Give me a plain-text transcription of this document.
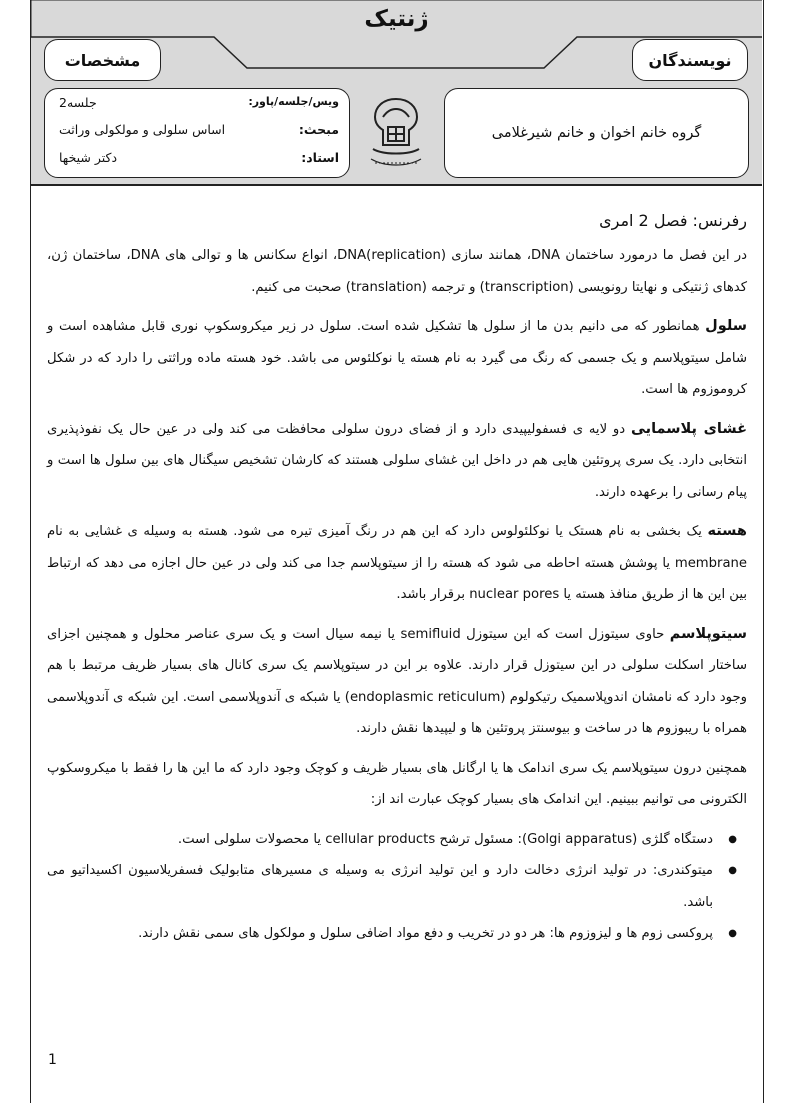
ژنتیک
نویسندگان
مشخصات
گروه خانم اخوان و خانم شیرغلامی
ویس/جلسه/پاور:
جلسه2
مبحث:
اساس سلولی و مولکولی وراثت
استاد:
دکتر شیخها

رفرنس: فصل 2 امری

در این فصل ما درمورد ساختمان DNA، همانند سازی DNA(replication)، انواع سکانس ها و توالی های DNA، ساختمان ژن، کدهای ژنتیکی و نهایتا رونویسی (transcription) و ترجمه (translation) صحبت می کنیم.

سلول همانطور که می دانیم بدن ما از سلول ها تشکیل شده است. سلول در زیر میکروسکوپ نوری قابل مشاهده است و شامل سیتوپلاسم و یک جسمی که رنگ می گیرد به نام هسته یا نوکلئوس می باشد. خود هسته ماده وراثتی را دارد که در شکل کروموزوم ها است.

غشای پلاسمایی دو لایه ی فسفولیپیدی دارد و از فضای درون سلولی محافظت می کند ولی در عین حال یک نفوذپذیری انتخابی دارد. یک سری پروتئین هایی هم در داخل این غشای سلولی هستند که کارشان تشخیص سیگنال های بین سلول ها است و پیام رسانی را برعهده دارند.

هسته یک بخشی به نام هستک یا نوکلئولوس دارد که این هم در رنگ آمیزی تیره می شود. هسته به وسیله ی غشایی به نام membrane یا پوشش هسته احاطه می شود که هسته را از سیتوپلاسم جدا می کند ولی در عین حال اجازه می دهد که ارتباط بین این ها از طریق منافذ هسته یا nuclear pores برقرار باشد.

سیتوپلاسم حاوی سیتوزل است که این سیتوزل semifluid یا نیمه سیال است و یک سری عناصر محلول و همچنین اجزای ساختار اسکلت سلولی در این سیتوزل قرار دارند. علاوه بر این در سیتوپلاسم یک سری کانال های بسیار ظریف مرتبط با هم وجود دارد که نامشان اندوپلاسمیک رتیکولوم (endoplasmic reticulum) یا شبکه ی آندوپلاسمی است. این شبکه ی آندوپلاسمی همراه با ریبوزوم ها در ساخت و بیوسنتز پروتئین ها و لیپیدها نقش دارند.

همچنین درون سیتوپلاسم یک سری اندامک ها یا ارگانل های بسیار ظریف و کوچک وجود دارد که ما این ها را فقط با میکروسکوپ الکترونی می توانیم ببینیم. این اندامک های بسیار کوچک عبارت اند از:

● دستگاه گلژی (Golgi apparatus): مسئول ترشح cellular products یا محصولات سلولی است.
● میتوکندری: در تولید انرژی دخالت دارد و این تولید انرژی به وسیله ی مسیرهای متابولیک فسفریلاسیون اکسیداتیو می باشد.
● پروکسی زوم ها و لیزوزوم ها: هر دو در تخریب و دفع مواد اضافی سلول و مولکول های سمی نقش دارند.
1
